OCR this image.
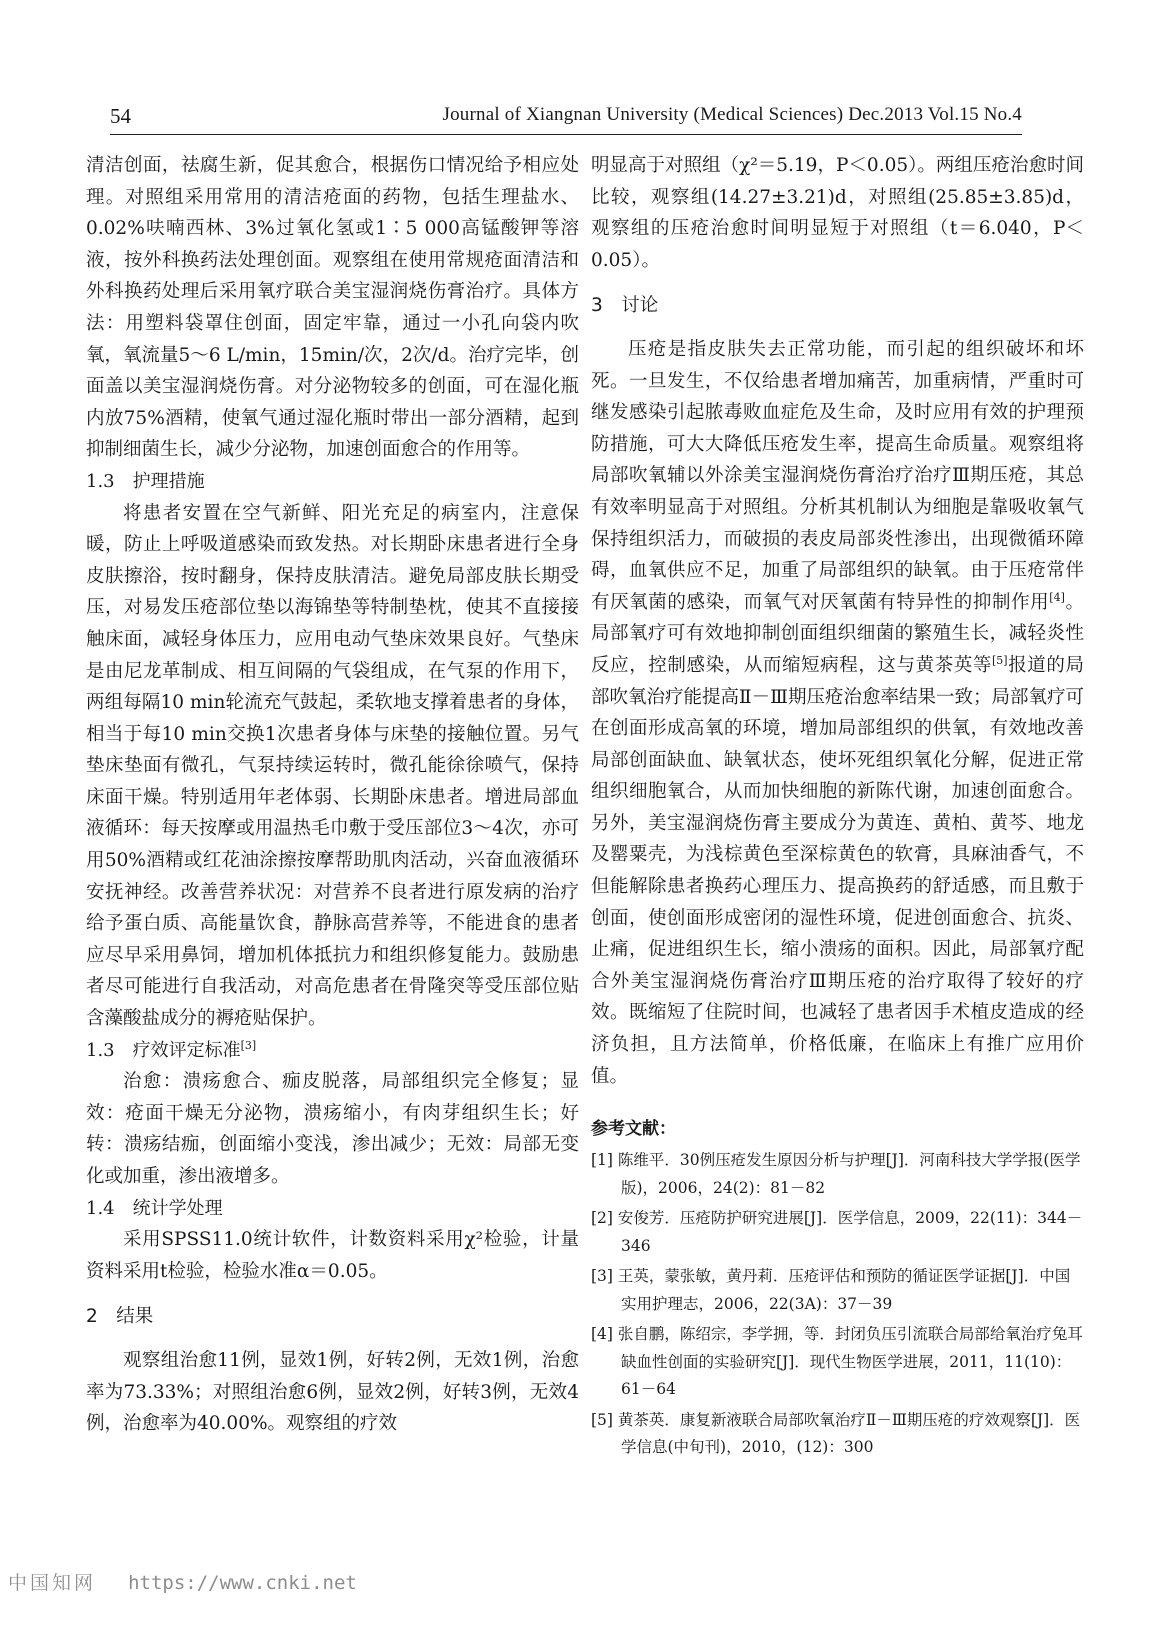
54	Journal of Xiangnan University (Medical Sciences) Dec.2013 Vol.15 No.4

清洁创面，祛腐生新，促其愈合，根据伤口情况给予相应处理。对照组采用常用的清洁疮面的药物，包括生理盐水、0.02%呋喃西林、3%过氧化氢或1∶5 000高锰酸钾等溶液，按外科换药法处理创面。观察组在使用常规疮面清洁和外科换药处理后采用氧疗联合美宝湿润烧伤膏治疗。具体方法：用塑料袋罩住创面，固定牢靠，通过一小孔向袋内吹氧，氧流量5～6 L/min，15min/次，2次/d。治疗完毕，创面盖以美宝湿润烧伤膏。对分泌物较多的创面，可在湿化瓶内放75%酒精，使氧气通过湿化瓶时带出一部分酒精，起到抑制细菌生长，减少分泌物，加速创面愈合的作用等。

1.3　护理措施

将患者安置在空气新鲜、阳光充足的病室内，注意保暖，防止上呼吸道感染而致发热。对长期卧床患者进行全身皮肤擦浴，按时翻身，保持皮肤清洁。避免局部皮肤长期受压，对易发压疮部位垫以海锦垫等特制垫枕，使其不直接接触床面，减轻身体压力，应用电动气垫床效果良好。气垫床是由尼龙革制成、相互间隔的气袋组成，在气泵的作用下，两组每隔10 min轮流充气鼓起，柔软地支撑着患者的身体，相当于每10 min交换1次患者身体与床垫的接触位置。另气垫床垫面有微孔，气泵持续运转时，微孔能徐徐喷气，保持床面干燥。特别适用年老体弱、长期卧床患者。增进局部血液循环：每天按摩或用温热毛巾敷于受压部位3～4次，亦可用50%酒精或红花油涂擦按摩帮助肌肉活动，兴奋血液循环安抚神经。改善营养状况：对营养不良者进行原发病的治疗给予蛋白质、高能量饮食，静脉高营养等，不能进食的患者应尽早采用鼻饲，增加机体抵抗力和组织修复能力。鼓励患者尽可能进行自我活动，对高危患者在骨隆突等受压部位贴含藻酸盐成分的褥疮贴保护。

1.3　疗效评定标准[3]

治愈：溃疡愈合、痂皮脱落，局部组织完全修复；显效：疮面干燥无分泌物，溃疡缩小，有肉芽组织生长；好转：溃疡结痂，创面缩小变浅，渗出减少；无效：局部无变化或加重，渗出液增多。

1.4　统计学处理

采用SPSS11.0统计软件，计数资料采用χ²检验，计量资料采用t检验，检验水准α＝0.05。

2　结果

观察组治愈11例，显效1例，好转2例，无效1例，治愈率为73.33%；对照组治愈6例，显效2例，好转3例，无效4例，治愈率为40.00%。观察组的疗效

明显高于对照组（χ²＝5.19，P＜0.05）。两组压疮治愈时间比较，观察组(14.27±3.21)d，对照组(25.85±3.85)d，观察组的压疮治愈时间明显短于对照组（t＝6.040，P＜0.05）。

3　讨论

压疮是指皮肤失去正常功能，而引起的组织破坏和坏死。一旦发生，不仅给患者增加痛苦，加重病情，严重时可继发感染引起脓毒败血症危及生命，及时应用有效的护理预防措施，可大大降低压疮发生率，提高生命质量。观察组将局部吹氧辅以外涂美宝湿润烧伤膏治疗治疗Ⅲ期压疮，其总有效率明显高于对照组。分析其机制认为细胞是靠吸收氧气保持组织活力，而破损的表皮局部炎性渗出，出现微循环障碍，血氧供应不足，加重了局部组织的缺氧。由于压疮常伴有厌氧菌的感染，而氧气对厌氧菌有特异性的抑制作用[4]。局部氧疗可有效地抑制创面组织细菌的繁殖生长，减轻炎性反应，控制感染，从而缩短病程，这与黄茶英等[5]报道的局部吹氧治疗能提高Ⅱ－Ⅲ期压疮治愈率结果一致；局部氧疗可在创面形成高氧的环境，增加局部组织的供氧，有效地改善局部创面缺血、缺氧状态，使坏死组织氧化分解，促进正常组织细胞氧合，从而加快细胞的新陈代谢，加速创面愈合。另外，美宝湿润烧伤膏主要成分为黄连、黄柏、黄芩、地龙及罂粟壳，为浅棕黄色至深棕黄色的软膏，具麻油香气，不但能解除患者换药心理压力、提高换药的舒适感，而且敷于创面，使创面形成密闭的湿性环境，促进创面愈合、抗炎、止痛，促进组织生长，缩小溃疡的面积。因此，局部氧疗配合外美宝湿润烧伤膏治疗Ⅲ期压疮的治疗取得了较好的疗效。既缩短了住院时间，也减轻了患者因手术植皮造成的经济负担，且方法简单，价格低廉，在临床上有推广应用价值。

参考文献：

[1] 陈维平．30例压疮发生原因分析与护理[J]．河南科技大学学报(医学版)，2006，24(2)：81－82

[2] 安俊芳．压疮防护研究进展[J]．医学信息，2009，22(11)：344－346

[3] 王英，蒙张敏，黄丹莉．压疮评估和预防的循证医学证据[J]．中国实用护理志，2006，22(3A)：37－39

[4] 张自鹏，陈绍宗，李学拥，等．封闭负压引流联合局部给氧治疗兔耳缺血性创面的实验研究[J]．现代生物医学进展，2011，11(10)：61－64

[5] 黄茶英．康复新液联合局部吹氧治疗Ⅱ－Ⅲ期压疮的疗效观察[J]．医学信息(中旬刊)，2010，(12)：300

中国知网 https://www.cnki.net
